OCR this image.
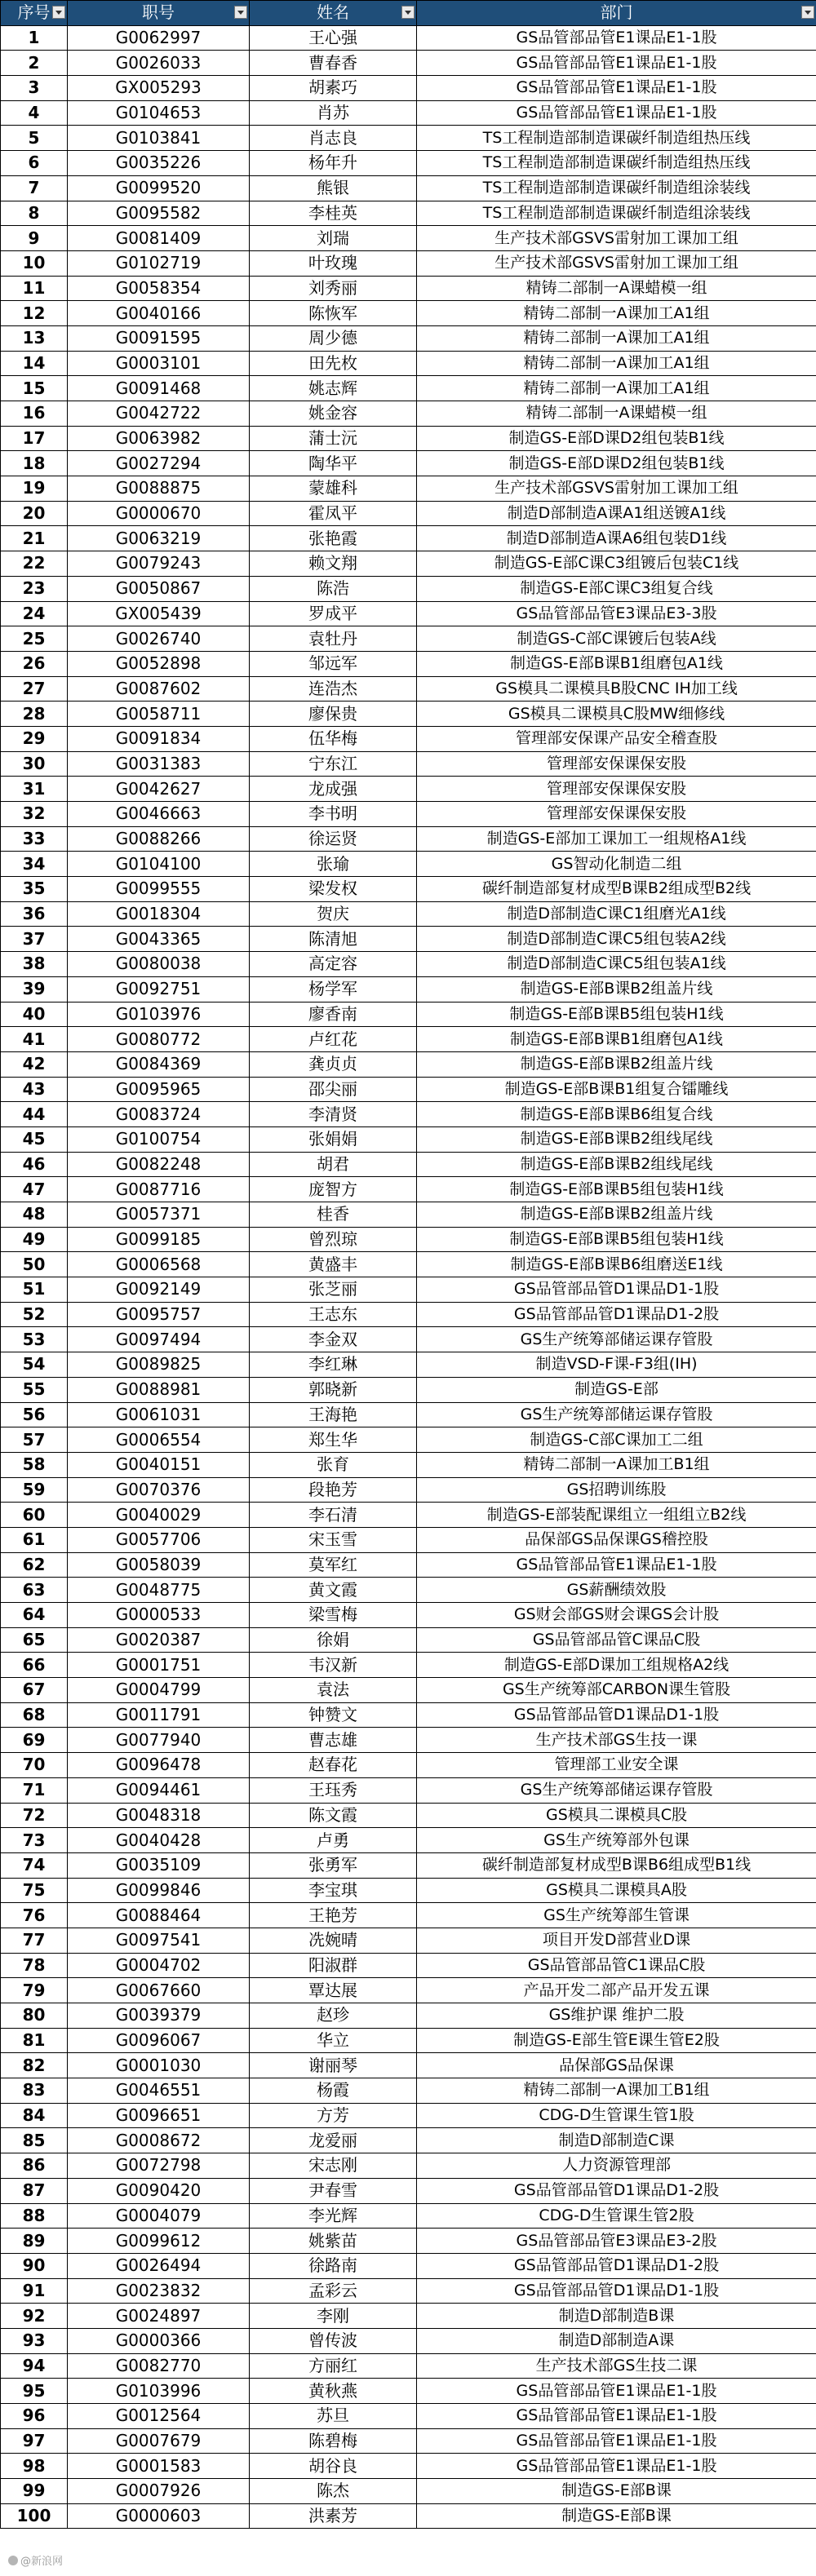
序号	职号	姓名	部门

1	G0062997	王心强	GS品管部品管E1课品E1-1股
2	G0026033	曹春香	GS品管部品管E1课品E1-1股
3	GX005293	胡素巧	GS品管部品管E1课品E1-1股
4	G0104653	肖苏	GS品管部品管E1课品E1-1股
5	G0103841	肖志良	TS工程制造部制造课碳纤制造组热压线
6	G0035226	杨年升	TS工程制造部制造课碳纤制造组热压线
7	G0099520	熊银	TS工程制造部制造课碳纤制造组涂装线
8	G0095582	李桂英	TS工程制造部制造课碳纤制造组涂装线
9	G0081409	刘瑞	生产技术部GSVS雷射加工课加工组
10	G0102719	叶玫瑰	生产技术部GSVS雷射加工课加工组
11	G0058354	刘秀丽	精铸二部制一A课蜡模一组
12	G0040166	陈恢军	精铸二部制一A课加工A1组
13	G0091595	周少德	精铸二部制一A课加工A1组
14	G0003101	田先枚	精铸二部制一A课加工A1组
15	G0091468	姚志辉	精铸二部制一A课加工A1组
16	G0042722	姚金容	精铸二部制一A课蜡模一组
17	G0063982	蒲士沅	制造GS-E部D课D2组包装B1线
18	G0027294	陶华平	制造GS-E部D课D2组包装B1线
19	G0088875	蒙雄科	生产技术部GSVS雷射加工课加工组
20	G0000670	霍凤平	制造D部制造A课A1组送镀A1线
21	G0063219	张艳霞	制造D部制造A课A6组包装D1线
22	G0079243	赖文翔	制造GS-E部C课C3组镀后包装C1线
23	G0050867	陈浩	制造GS-E部C课C3组复合线
24	GX005439	罗成平	GS品管部品管E3课品E3-3股
25	G0026740	袁牡丹	制造GS-C部C课镀后包装A线
26	G0052898	邹远军	制造GS-E部B课B1组磨包A1线
27	G0087602	连浩杰	GS模具二课模具B股CNC IH加工线
28	G0058711	廖保贵	GS模具二课模具C股MW细修线
29	G0091834	伍华梅	管理部安保课产品安全稽查股
30	G0031383	宁东江	管理部安保课保安股
31	G0042627	龙成强	管理部安保课保安股
32	G0046663	李书明	管理部安保课保安股
33	G0088266	徐运贤	制造GS-E部加工课加工一组规格A1线
34	G0104100	张瑜	GS智动化制造二组
35	G0099555	梁发权	碳纤制造部复材成型B课B2组成型B2线
36	G0018304	贺庆	制造D部制造C课C1组磨光A1线
37	G0043365	陈清旭	制造D部制造C课C5组包装A2线
38	G0080038	高定容	制造D部制造C课C5组包装A1线
39	G0092751	杨学军	制造GS-E部B课B2组盖片线
40	G0103976	廖香南	制造GS-E部B课B5组包装H1线
41	G0080772	卢红花	制造GS-E部B课B1组磨包A1线
42	G0084369	龚贞贞	制造GS-E部B课B2组盖片线
43	G0095965	邵尖丽	制造GS-E部B课B1组复合镭雕线
44	G0083724	李清贤	制造GS-E部B课B6组复合线
45	G0100754	张娟娟	制造GS-E部B课B2组线尾线
46	G0082248	胡君	制造GS-E部B课B2组线尾线
47	G0087716	庞智方	制造GS-E部B课B5组包装H1线
48	G0057371	桂香	制造GS-E部B课B2组盖片线
49	G0099185	曾烈琼	制造GS-E部B课B5组包装H1线
50	G0006568	黄盛丰	制造GS-E部B课B6组磨送E1线
51	G0092149	张芝丽	GS品管部品管D1课品D1-1股
52	G0095757	王志东	GS品管部品管D1课品D1-2股
53	G0097494	李金双	GS生产统筹部储运课存管股
54	G0089825	李红琳	制造VSD-F课-F3组(IH)
55	G0088981	郭晓新	制造GS-E部
56	G0061031	王海艳	GS生产统筹部储运课存管股
57	G0006554	郑生华	制造GS-C部C课加工二组
58	G0040151	张育	精铸二部制一A课加工B1组
59	G0070376	段艳芳	GS招聘训练股
60	G0040029	李石清	制造GS-E部装配课组立一组组立B2线
61	G0057706	宋玉雪	品保部GS品保课GS稽控股
62	G0058039	莫军红	GS品管部品管E1课品E1-1股
63	G0048775	黄文霞	GS薪酬绩效股
64	G0000533	梁雪梅	GS财会部GS财会课GS会计股
65	G0020387	徐娟	GS品管部品管C课品C股
66	G0001751	韦汉新	制造GS-E部D课加工组规格A2线
67	G0004799	袁法	GS生产统筹部CARBON课生管股
68	G0011791	钟赞文	GS品管部品管D1课品D1-1股
69	G0077940	曹志雄	生产技术部GS生技一课
70	G0096478	赵春花	管理部工业安全课
71	G0094461	王珏秀	GS生产统筹部储运课存管股
72	G0048318	陈文霞	GS模具二课模具C股
73	G0040428	卢勇	GS生产统筹部外包课
74	G0035109	张勇军	碳纤制造部复材成型B课B6组成型B1线
75	G0099846	李宝琪	GS模具二课模具A股
76	G0088464	王艳芳	GS生产统筹部生管课
77	G0097541	冼婉晴	项目开发D部营业D课
78	G0004702	阳淑群	GS品管部品管C1课品C股
79	G0067660	覃达展	产品开发二部产品开发五课
80	G0039379	赵珍	GS维护课 维护二股
81	G0096067	华立	制造GS-E部生管E课生管E2股
82	G0001030	谢丽琴	品保部GS品保课
83	G0046551	杨霞	精铸二部制一A课加工B1组
84	G0096651	方芳	CDG-D生管课生管1股
85	G0008672	龙爱丽	制造D部制造C课
86	G0072798	宋志刚	人力资源管理部
87	G0090420	尹春雪	GS品管部品管D1课品D1-2股
88	G0004079	李光辉	CDG-D生管课生管2股
89	G0099612	姚紫苗	GS品管部品管E3课品E3-2股
90	G0026494	徐路南	GS品管部品管D1课品D1-2股
91	G0023832	孟彩云	GS品管部品管D1课品D1-1股
92	G0024897	李刚	制造D部制造B课
93	G0000366	曾传波	制造D部制造A课
94	G0082770	方丽红	生产技术部GS生技二课
95	G0103996	黄秋燕	GS品管部品管E1课品E1-1股
96	G0012564	苏旦	GS品管部品管E1课品E1-1股
97	G0007679	陈碧梅	GS品管部品管E1课品E1-1股
98	G0001583	胡谷良	GS品管部品管E1课品E1-1股
99	G0007926	陈杰	制造GS-E部B课
100	G0000603	洪素芳	制造GS-E部B课
@新浪网
